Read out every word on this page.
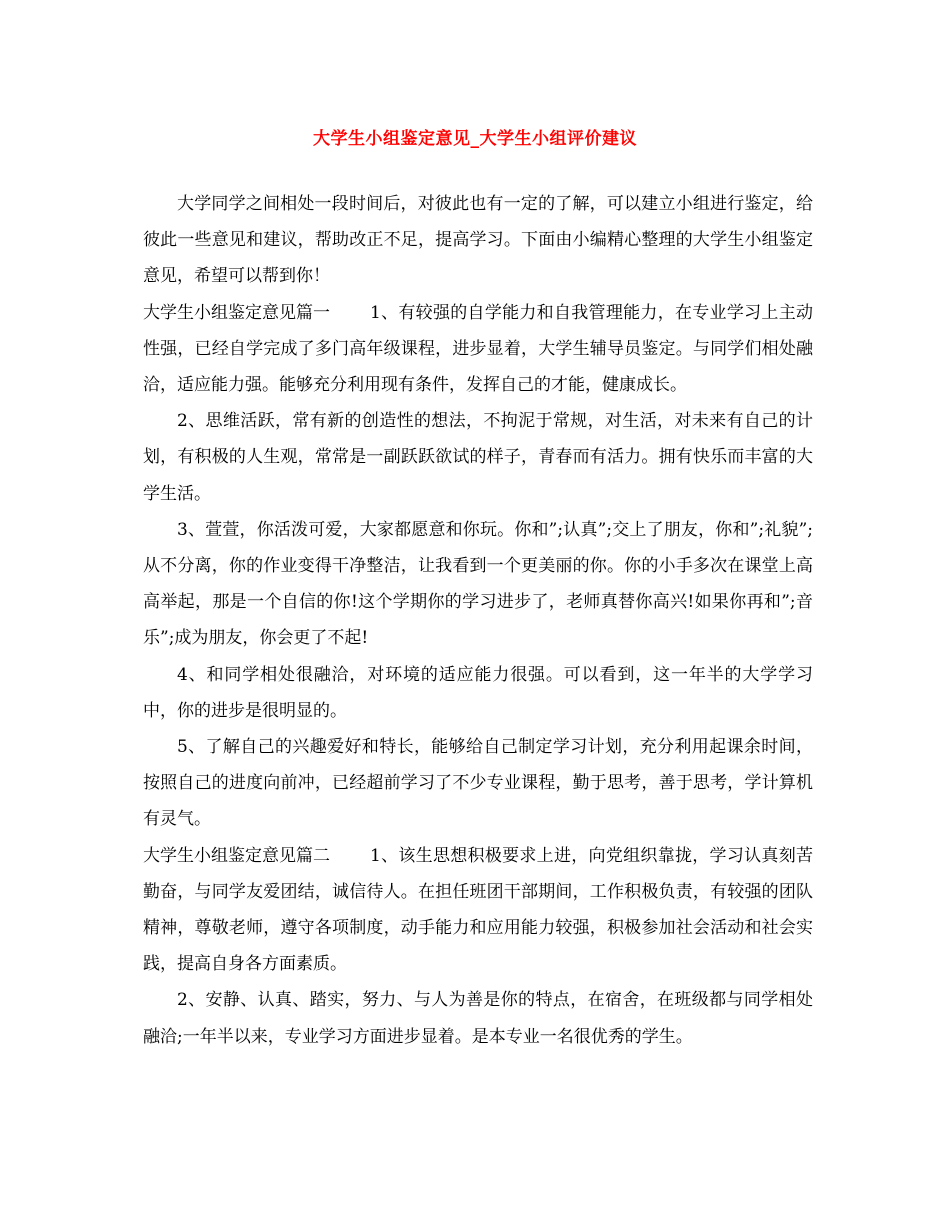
大学生小组鉴定意见_大学生小组评价建议

大学同学之间相处一段时间后，对彼此也有一定的了解，可以建立小组进行鉴定，给彼此一些意见和建议，帮助改正不足，提高学习。下面由小编精心整理的大学生小组鉴定意见，希望可以帮到你！

大学生小组鉴定意见篇一 1、有较强的自学能力和自我管理能力，在专业学习上主动性强，已经自学完成了多门高年级课程，进步显着，大学生辅导员鉴定。与同学们相处融洽，适应能力强。能够充分利用现有条件，发挥自己的才能，健康成长。

2、思维活跃，常有新的创造性的想法，不拘泥于常规，对生活，对未来有自己的计划，有积极的人生观，常常是一副跃跃欲试的样子，青春而有活力。拥有快乐而丰富的大学生活。

3、萱萱，你活泼可爱，大家都愿意和你玩。你和”;认真”;交上了朋友，你和”;礼貌”;从不分离，你的作业变得干净整洁，让我看到一个更美丽的你。你的小手多次在课堂上高高举起，那是一个自信的你!这个学期你的学习进步了，老师真替你高兴!如果你再和”;音乐”;成为朋友，你会更了不起!

4、和同学相处很融洽，对环境的适应能力很强。可以看到，这一年半的大学学习中，你的进步是很明显的。

5、了解自己的兴趣爱好和特长，能够给自己制定学习计划，充分利用起课余时间，按照自己的进度向前冲，已经超前学习了不少专业课程，勤于思考，善于思考，学计算机有灵气。

大学生小组鉴定意见篇二 1、该生思想积极要求上进，向党组织靠拢，学习认真刻苦勤奋，与同学友爱团结，诚信待人。在担任班团干部期间，工作积极负责，有较强的团队精神，尊敬老师，遵守各项制度，动手能力和应用能力较强，积极参加社会活动和社会实践，提高自身各方面素质。

2、安静、认真、踏实，努力、与人为善是你的特点，在宿舍，在班级都与同学相处融洽;一年半以来，专业学习方面进步显着。是本专业一名很优秀的学生。
